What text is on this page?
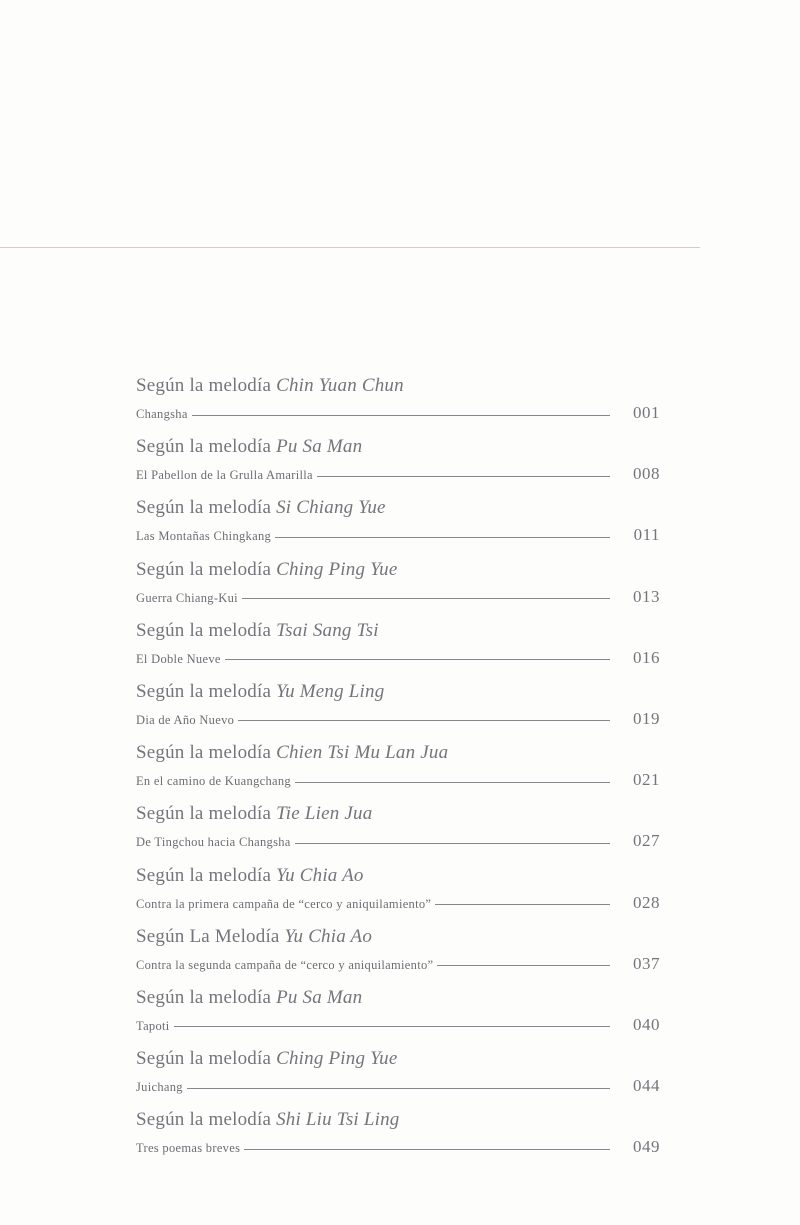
Según la melodía Chin Yuan Chun
Changsha	001
Según la melodía Pu Sa Man
El Pabellon de la Grulla Amarilla	008
Según la melodía Si Chiang Yue
Las Montañas Chingkang	011
Según la melodía Ching Ping Yue
Guerra Chiang-Kui	013
Según la melodía Tsai Sang Tsi
El Doble Nueve	016
Según la melodía Yu Meng Ling
Dia de Año Nuevo	019
Según la melodía Chien Tsi Mu Lan Jua
En el camino de Kuangchang	021
Según la melodía Tie Lien Jua
De Tingchou hacia Changsha	027
Según la melodía Yu Chia Ao
Contra la primera campaña de “cerco y aniquilamiento”	028
Según La Melodía Yu Chia Ao
Contra la segunda campaña de “cerco y aniquilamiento”	037
Según la melodía Pu Sa Man
Tapoti	040
Según la melodía Ching Ping Yue
Juichang	044
Según la melodía Shi Liu Tsi Ling
Tres poemas breves	049
